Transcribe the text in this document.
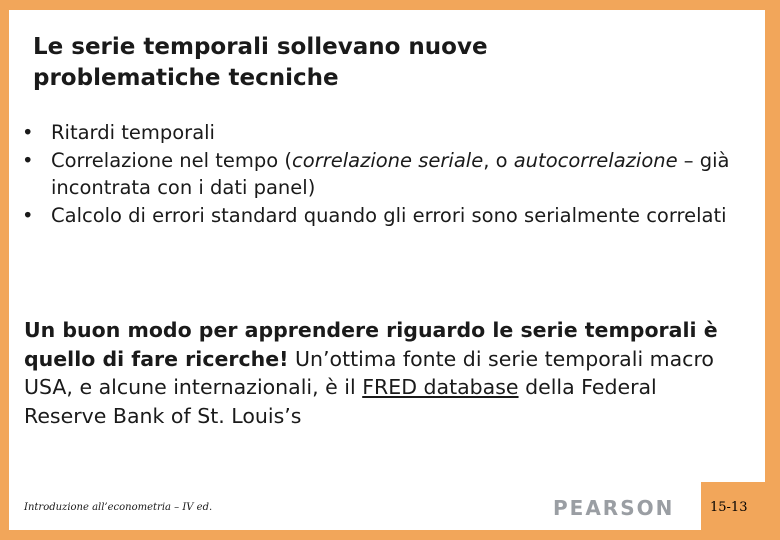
Le serie temporali sollevano nuove
problematiche tecniche
• Ritardi temporali
• Correlazione nel tempo (correlazione seriale, o autocorrelazione – già incontrata con i dati panel)
• Calcolo di errori standard quando gli errori sono serialmente correlati
Un buon modo per apprendere riguardo le serie temporali è quello di fare ricerche! Un’ottima fonte di serie temporali macro USA, e alcune internazionali, è il FRED database della Federal Reserve Bank of St. Louis’s
Introduzione all’econometria – IV ed.	PEARSON	15-13
